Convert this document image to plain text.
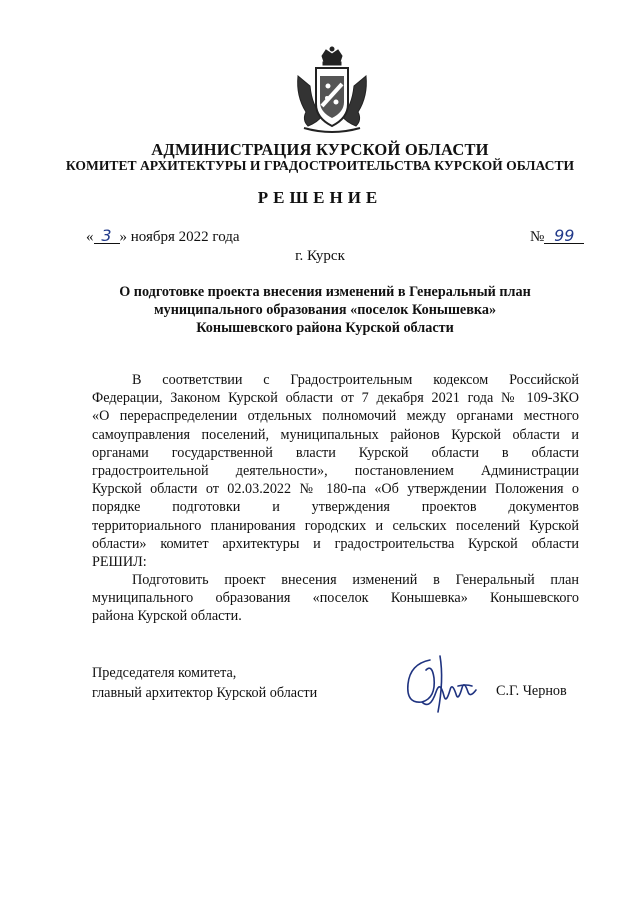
АДМИНИСТРАЦИЯ КУРСКОЙ ОБЛАСТИ
КОМИТЕТ АРХИТЕКТУРЫ И ГРАДОСТРОИТЕЛЬСТВА КУРСКОЙ ОБЛАСТИ
РЕШЕНИЕ
« 3 » ноября 2022 года	№ 99
г. Курск
О подготовке проекта внесения изменений в Генеральный план
муниципального образования «поселок Конышевка»
Конышевского района Курской области
В соответствии с Градостроительным кодексом Российской
Федерации, Законом Курской области от 7 декабря 2021 года № 109-ЗКО
«О перераспределении отдельных полномочий между органами местного
самоуправления поселений, муниципальных районов Курской области и
органами государственной власти Курской области в области
градостроительной деятельности», постановлением Администрации
Курской области от 02.03.2022 № 180-па «Об утверждении Положения о
порядке подготовки и утверждения проектов документов
территориального планирования городских и сельских поселений Курской
области» комитет архитектуры и градостроительства Курской области
РЕШИЛ:
Подготовить проект внесения изменений в Генеральный план
муниципального образования «поселок Конышевка» Конышевского
района Курской области.
Председателя комитета,
главный архитектор Курской области	С.Г. Чернов
